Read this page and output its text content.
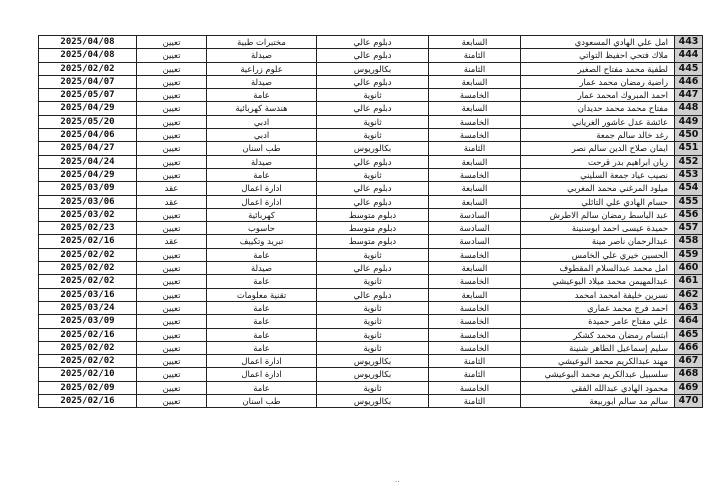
2025/04/08	تعيين	مختبرات طبية	دبلوم عالي	السابعة	امل علي الهادي المسعودي	443
2025/04/08	تعيين	صيدلة	دبلوم عالي	الثامنة	ملاك فتحي احفيظ التواتي	444
2025/02/02	تعيين	علوم زراعية	بكالوريوس	الثامنة	لطفية محمد مفتاح الصغير	445
2025/04/07	تعيين	صيدلة	دبلوم عالي	السابعة	راضية رمضان محمد عمار	446
2025/05/07	تعيين	عامة	ثانوية	الخامسة	احمد المبروك امحمد عمار	447
2025/04/29	تعيين	هندسة كهربائية	دبلوم عالي	السابعة	مفتاح محمد محمد حديدان	448
2025/05/20	تعيين	ادبي	ثانوية	الخامسة	عائشة عدل عاشور الغرياني	449
2025/04/06	تعيين	ادبي	ثانوية	الخامسة	رغد خالد سالم جمعة	450
2025/04/27	تعيين	طب اسنان	بكالوريوس	الثامنة	ايمان صلاح الدين سالم نصر	451
2025/04/24	تعيين	صيدلة	دبلوم عالي	السابعة	ريان ابراهيم بدر قرحت	452
2025/04/29	تعيين	عامة	ثانوية	الخامسة	نصيب عياد جمعة السليني	453
2025/03/09	عقد	ادارة اعمال	دبلوم عالي	السابعة	ميلود المرغني محمد المغربي	454
2025/03/06	عقد	ادارة اعمال	دبلوم عالي	السابعة	حسام الهادي علي التائلي	455
2025/03/02	تعيين	كهربائية	دبلوم متوسط	السادسة	عبد الباسط رمضان سالم الاطرش	456
2025/02/23	تعيين	حاسوب	دبلوم متوسط	السادسة	حميدة عيسى احمد ابوسنينة	457
2025/02/16	عقد	تبريد وتكييف	دبلوم متوسط	السادسة	عبدالرحمان ناصر مينة	458
2025/02/02	تعيين	عامة	ثانوية	الخامسة	الحسين خيري علي الخامس	459
2025/02/02	تعيين	صيدلة	دبلوم عالي	السابعة	امل محمد عبدالسلام المقطوف	460
2025/02/02	تعيين	عامة	ثانوية	الخامسة	عبدالمهيمن محمد ميلاد البوعيشي	461
2025/03/16	تعيين	تقنية معلومات	دبلوم عالي	السابعة	نسرين خليفة امحمد امحمد	462
2025/03/24	تعيين	عامة	ثانوية	الخامسة	احمد فرج محمد عماري	463
2025/03/09	تعيين	عامة	ثانوية	الخامسة	علي مفتاح عامر حميدة	464
2025/02/16	تعيين	عامة	ثانوية	الخامسة	ابتسام رمضان محمد كشكر	465
2025/02/02	تعيين	عامة	ثانوية	الخامسة	سليم إسماعيل الطاهر شنينة	466
2025/02/02	تعيين	ادارة اعمال	بكالوريوس	الثامنة	مهند عبدالكريم محمد البوعيشي	467
2025/02/10	تعيين	ادارة اعمال	بكالوريوس	الثامنة	سلسبيل عبدالكريم محمد البوعيشي	468
2025/02/09	تعيين	عامة	ثانوية	الخامسة	محمود الهادي عبدالله الفقي	469
2025/02/16	تعيين	طب اسنان	بكالوريوس	الثامنة	سالم مد سالم ابوربيعة	470
..
